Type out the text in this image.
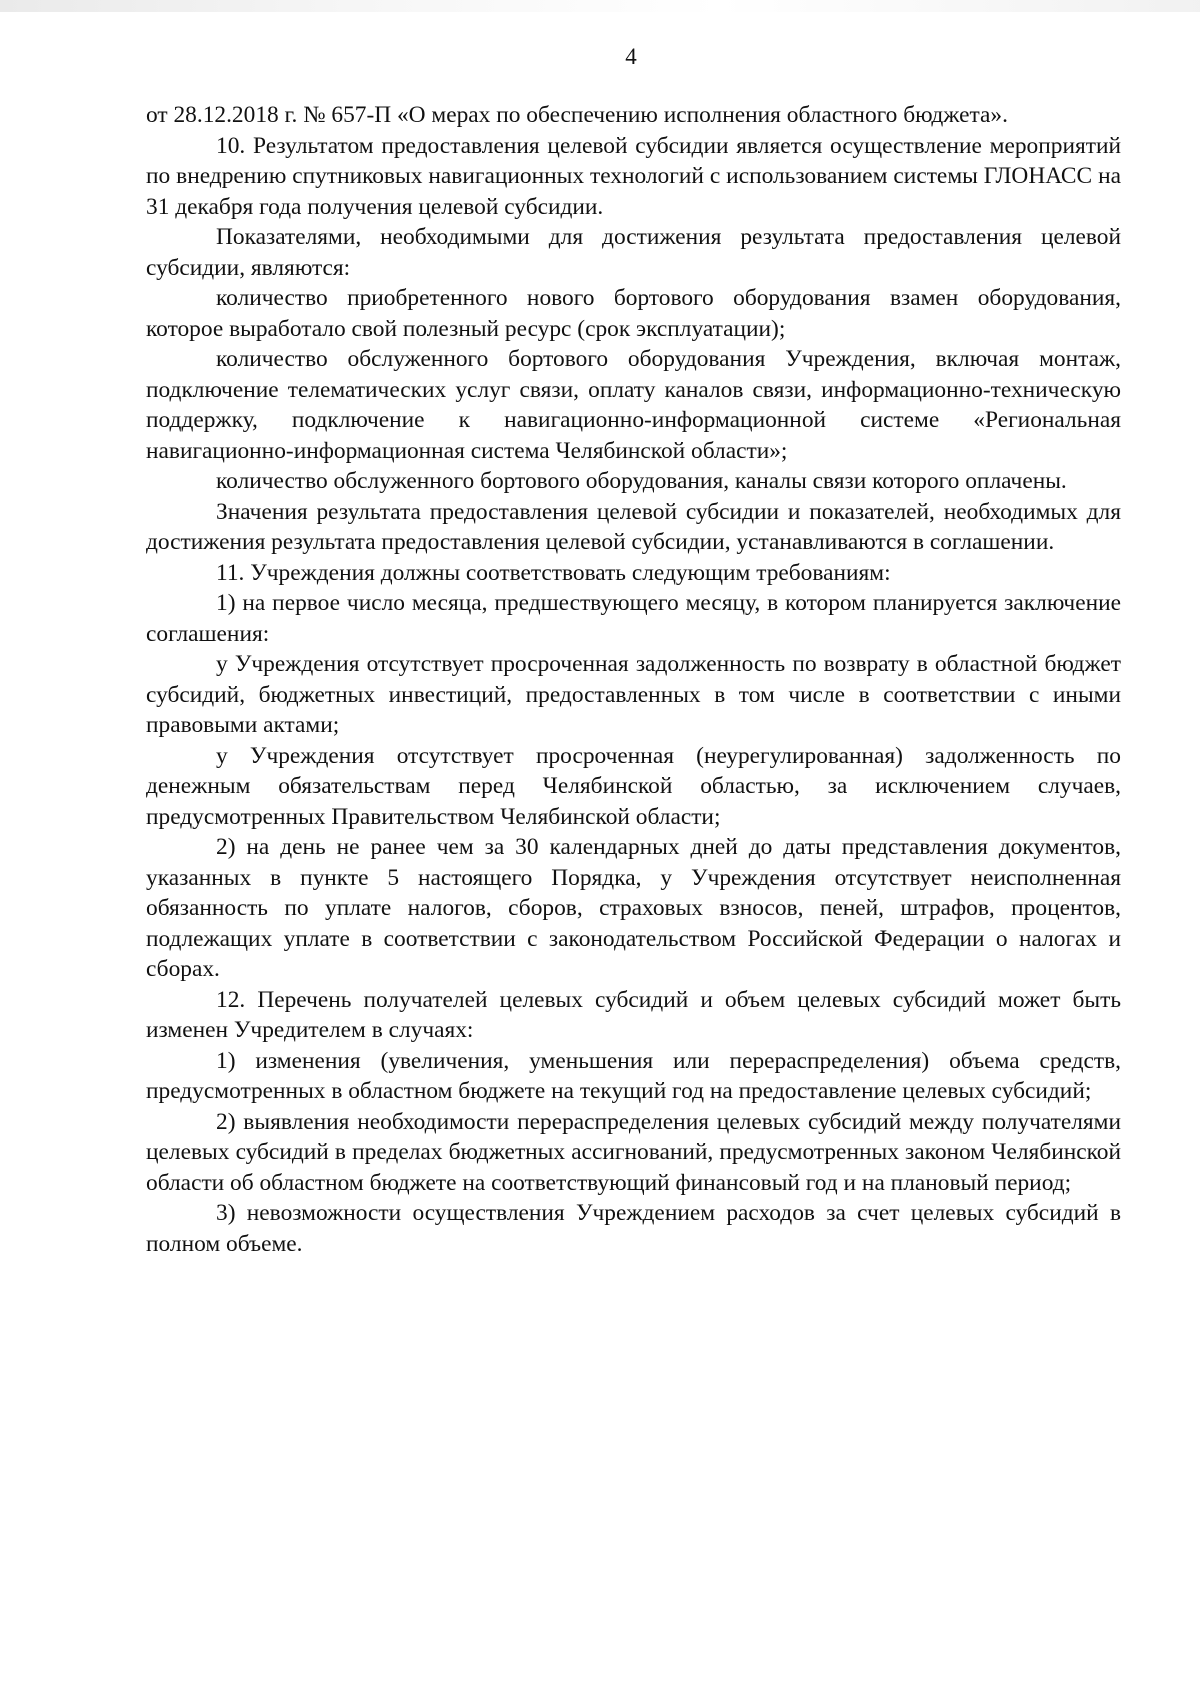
4

от 28.12.2018 г. № 657-П «О мерах по обеспечению исполнения областного бюджета».

10. Результатом предоставления целевой субсидии является осуществление мероприятий по внедрению спутниковых навигационных технологий с использованием системы ГЛОНАСС на 31 декабря года получения целевой субсидии.

Показателями, необходимыми для достижения результата предоставления целевой субсидии, являются:

количество приобретенного нового бортового оборудования взамен оборудования, которое выработало свой полезный ресурс (срок эксплуатации);

количество обслуженного бортового оборудования Учреждения, включая монтаж, подключение телематических услуг связи, оплату каналов связи, информационно-техническую поддержку, подключение к навигационно-информационной системе «Региональная навигационно-информационная система Челябинской области»;

количество обслуженного бортового оборудования, каналы связи которого оплачены.

Значения результата предоставления целевой субсидии и показателей, необходимых для достижения результата предоставления целевой субсидии, устанавливаются в соглашении.

11. Учреждения должны соответствовать следующим требованиям:

1) на первое число месяца, предшествующего месяцу, в котором планируется заключение соглашения:

у Учреждения отсутствует просроченная задолженность по возврату в областной бюджет субсидий, бюджетных инвестиций, предоставленных в том числе в соответствии с иными правовыми актами;

у Учреждения отсутствует просроченная (неурегулированная) задолженность по денежным обязательствам перед Челябинской областью, за исключением случаев, предусмотренных Правительством Челябинской области;

2) на день не ранее чем за 30 календарных дней до даты представления документов, указанных в пункте 5 настоящего Порядка, у Учреждения отсутствует неисполненная обязанность по уплате налогов, сборов, страховых взносов, пеней, штрафов, процентов, подлежащих уплате в соответствии с законодательством Российской Федерации о налогах и сборах.

12. Перечень получателей целевых субсидий и объем целевых субсидий может быть изменен Учредителем в случаях:

1) изменения (увеличения, уменьшения или перераспределения) объема средств, предусмотренных в областном бюджете на текущий год на предоставление целевых субсидий;

2) выявления необходимости перераспределения целевых субсидий между получателями целевых субсидий в пределах бюджетных ассигнований, предусмотренных законом Челябинской области об областном бюджете на соответствующий финансовый год и на плановый период;

3) невозможности осуществления Учреждением расходов за счет целевых субсидий в полном объеме.
